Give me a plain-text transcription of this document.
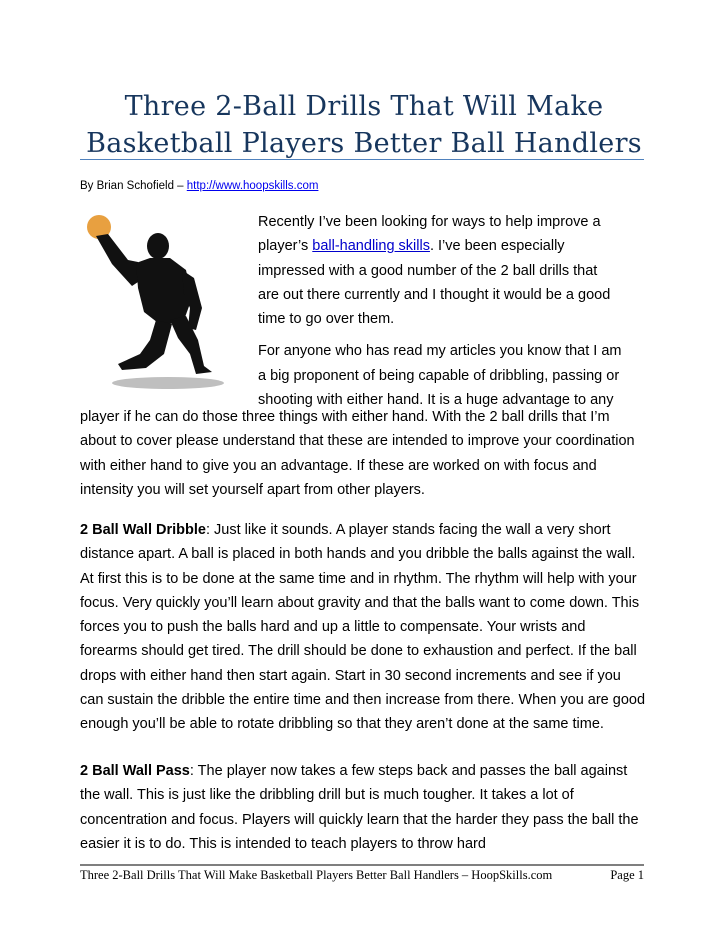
Three 2-Ball Drills That Will Make
Basketball Players Better Ball Handlers
By Brian Schofield – http://www.hoopskills.com

Recently I’ve been looking for ways to help improve a
player’s ball-handling skills. I’ve been especially
impressed with a good number of the 2 ball drills that
are out there currently and I thought it would be a good
time to go over them.

For anyone who has read my articles you know that I am
a big proponent of being capable of dribbling, passing or
shooting with either hand. It is a huge advantage to any

player if he can do those three things with either hand. With the 2 ball drills that I’m about to cover please understand that these are intended to improve your coordination with either hand to give you an advantage. If these are worked on with focus and intensity you will set yourself apart from other players.

2 Ball Wall Dribble: Just like it sounds. A player stands facing the wall a very short distance apart. A ball is placed in both hands and you dribble the balls against the wall. At first this is to be done at the same time and in rhythm. The rhythm will help with your focus. Very quickly you’ll learn about gravity and that the balls want to come down. This forces you to push the balls hard and up a little to compensate. Your wrists and forearms should get tired. The drill should be done to exhaustion and perfect. If the ball drops with either hand then start again. Start in 30 second increments and see if you can sustain the dribble the entire time and then increase from there. When you are good enough you’ll be able to rotate dribbling so that they aren’t done at the same time.

2 Ball Wall Pass: The player now takes a few steps back and passes the ball against the wall. This is just like the dribbling drill but is much tougher. It takes a lot of concentration and focus. Players will quickly learn that the harder they pass the ball the easier it is to do. This is intended to teach players to throw hard

Three 2-Ball Drills That Will Make Basketball Players Better Ball Handlers – HoopSkills.com	Page 1
